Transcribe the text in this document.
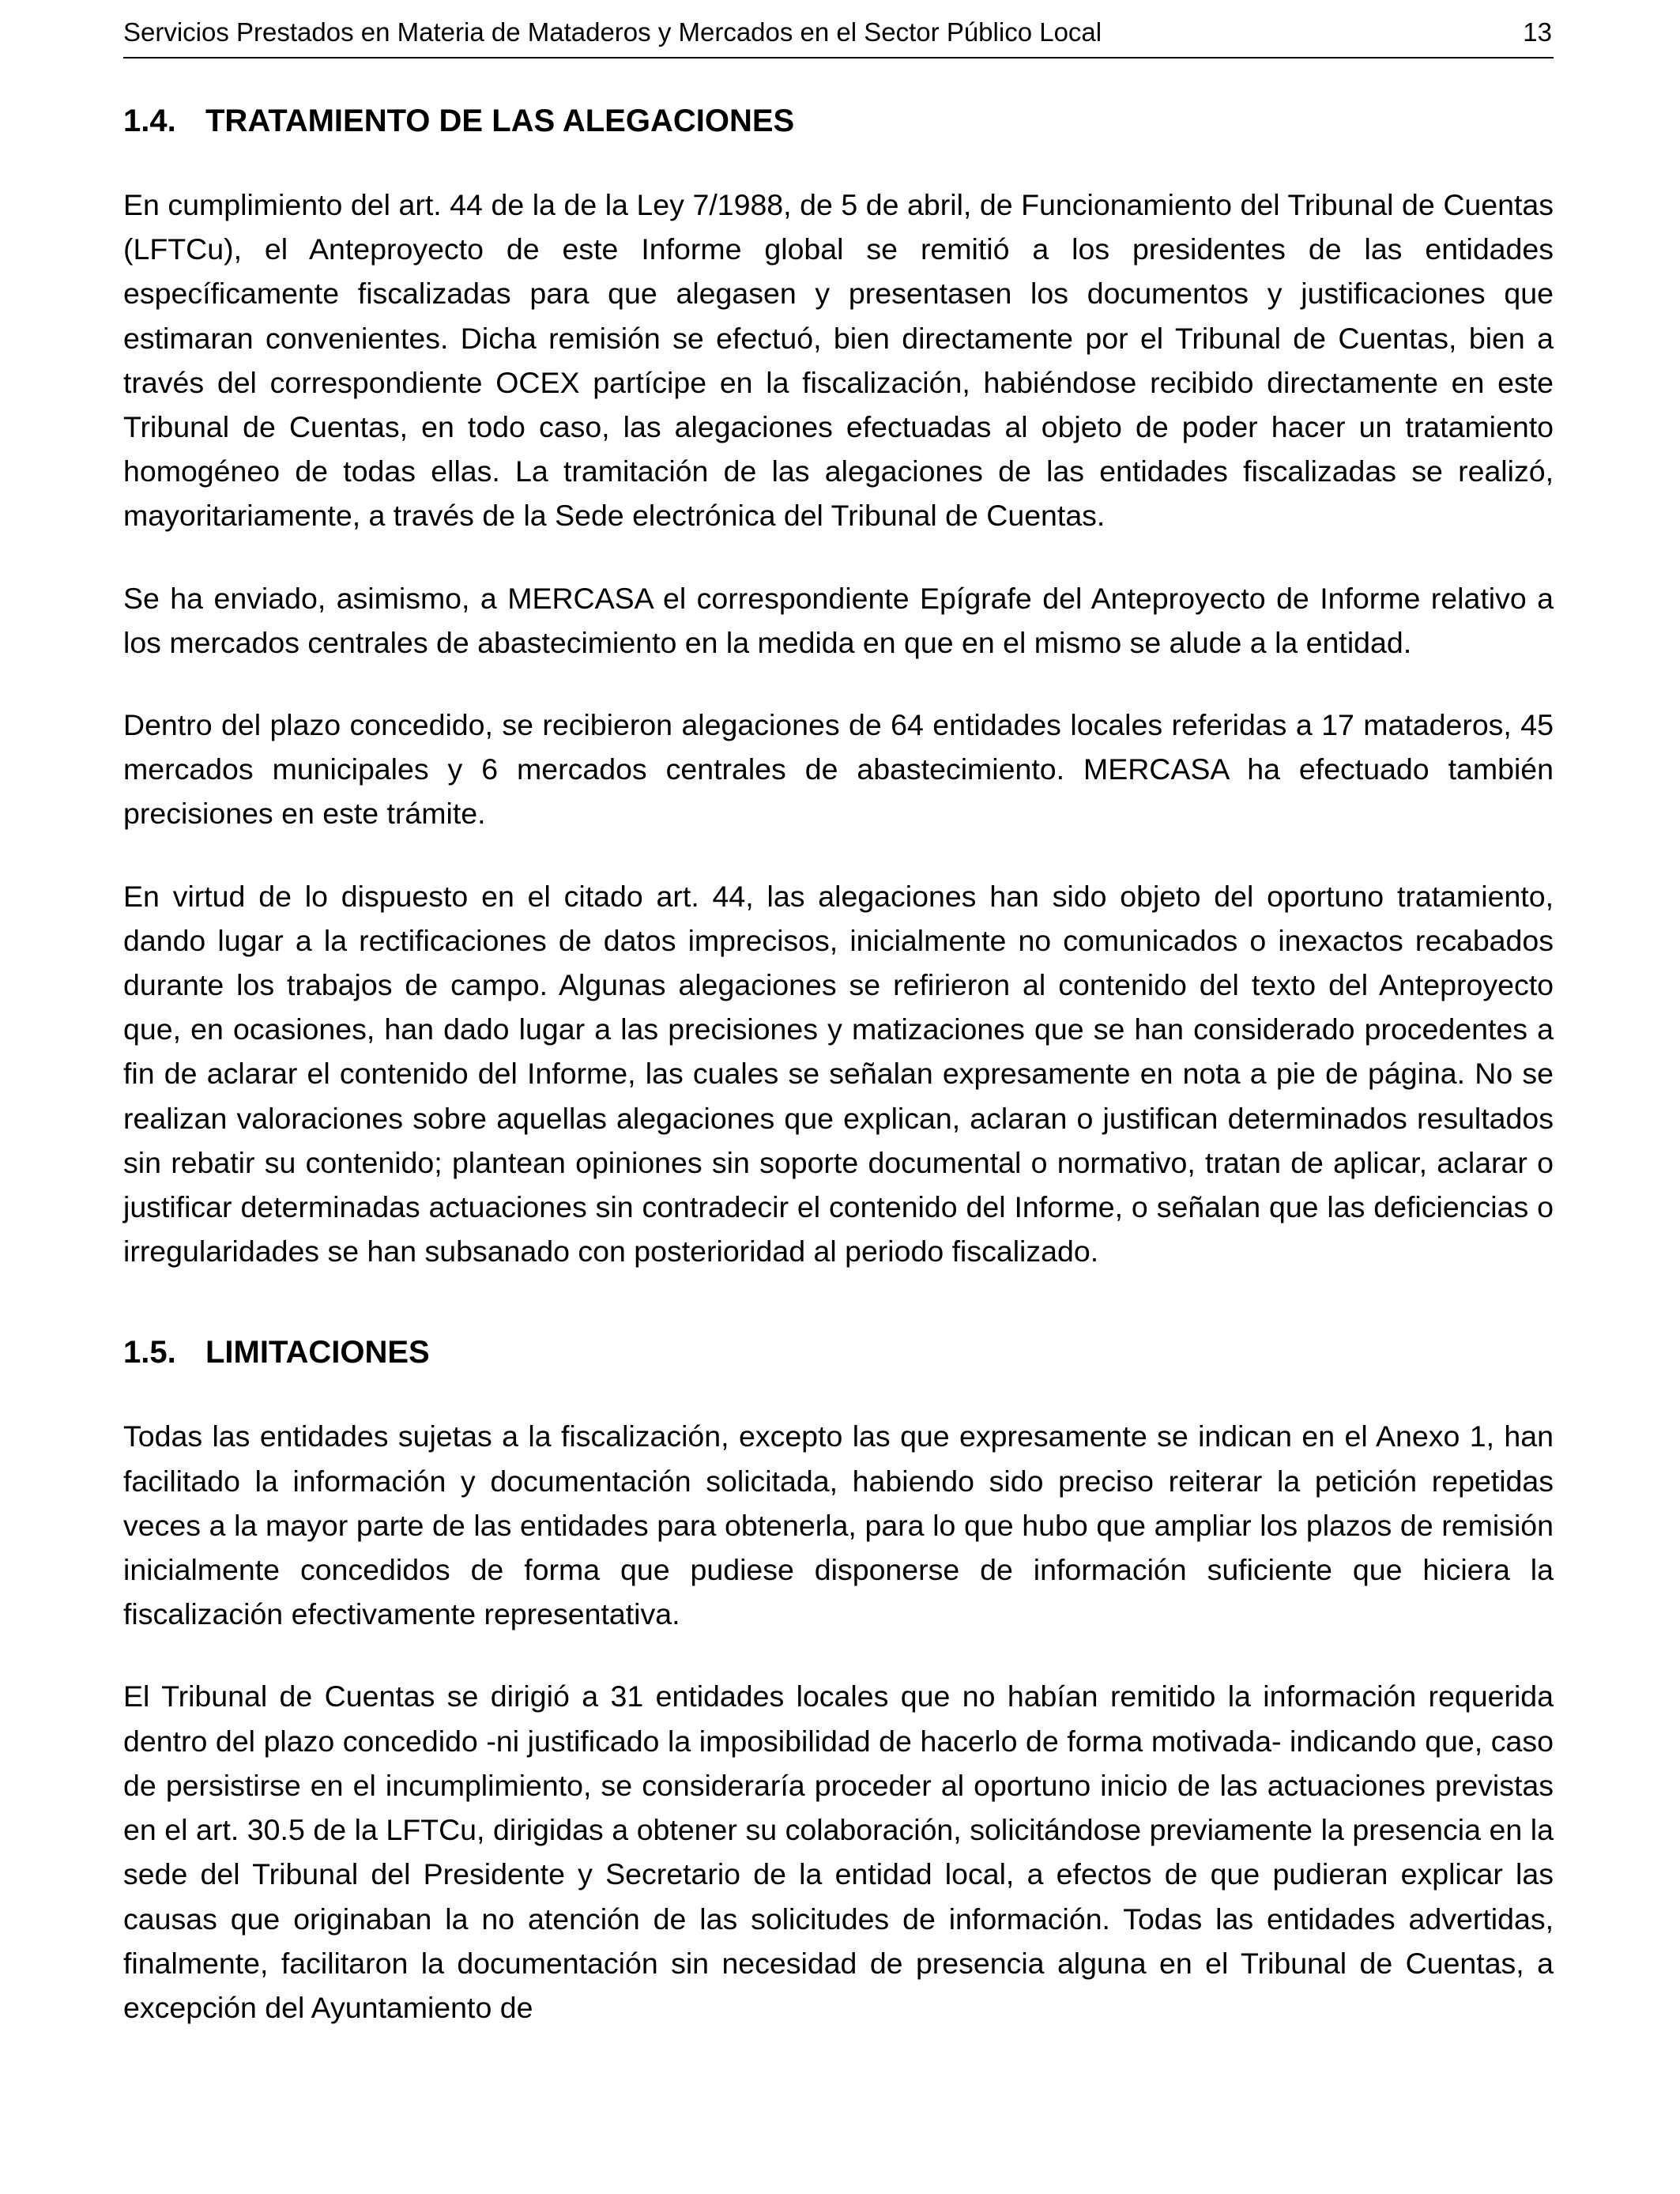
Servicios Prestados en Materia de Mataderos y Mercados en el Sector Público Local	13
1.4. TRATAMIENTO DE LAS ALEGACIONES

En cumplimiento del art. 44 de la de la Ley 7/1988, de 5 de abril, de Funcionamiento del Tribunal de Cuentas (LFTCu), el Anteproyecto de este Informe global se remitió a los presidentes de las entidades específicamente fiscalizadas para que alegasen y presentasen los documentos y justificaciones que estimaran convenientes. Dicha remisión se efectuó, bien directamente por el Tribunal de Cuentas, bien a través del correspondiente OCEX partícipe en la fiscalización, habiéndose recibido directamente en este Tribunal de Cuentas, en todo caso, las alegaciones efectuadas al objeto de poder hacer un tratamiento homogéneo de todas ellas. La tramitación de las alegaciones de las entidades fiscalizadas se realizó, mayoritariamente, a través de la Sede electrónica del Tribunal de Cuentas.

Se ha enviado, asimismo, a MERCASA el correspondiente Epígrafe del Anteproyecto de Informe relativo a los mercados centrales de abastecimiento en la medida en que en el mismo se alude a la entidad.

Dentro del plazo concedido, se recibieron alegaciones de 64 entidades locales referidas a 17 mataderos, 45 mercados municipales y 6 mercados centrales de abastecimiento. MERCASA ha efectuado también precisiones en este trámite.

En virtud de lo dispuesto en el citado art. 44, las alegaciones han sido objeto del oportuno tratamiento, dando lugar a la rectificaciones de datos imprecisos, inicialmente no comunicados o inexactos recabados durante los trabajos de campo. Algunas alegaciones se refirieron al contenido del texto del Anteproyecto que, en ocasiones, han dado lugar a las precisiones y matizaciones que se han considerado procedentes a fin de aclarar el contenido del Informe, las cuales se señalan expresamente en nota a pie de página. No se realizan valoraciones sobre aquellas alegaciones que explican, aclaran o justifican determinados resultados sin rebatir su contenido; plantean opiniones sin soporte documental o normativo, tratan de aplicar, aclarar o justificar determinadas actuaciones sin contradecir el contenido del Informe, o señalan que las deficiencias o irregularidades se han subsanado con posterioridad al periodo fiscalizado.

1.5. LIMITACIONES

Todas las entidades sujetas a la fiscalización, excepto las que expresamente se indican en el Anexo 1, han facilitado la información y documentación solicitada, habiendo sido preciso reiterar la petición repetidas veces a la mayor parte de las entidades para obtenerla, para lo que hubo que ampliar los plazos de remisión inicialmente concedidos de forma que pudiese disponerse de información suficiente que hiciera la fiscalización efectivamente representativa.

El Tribunal de Cuentas se dirigió a 31 entidades locales que no habían remitido la información requerida dentro del plazo concedido -ni justificado la imposibilidad de hacerlo de forma motivada- indicando que, caso de persistirse en el incumplimiento, se consideraría proceder al oportuno inicio de las actuaciones previstas en el art. 30.5 de la LFTCu, dirigidas a obtener su colaboración, solicitándose previamente la presencia en la sede del Tribunal del Presidente y Secretario de la entidad local, a efectos de que pudieran explicar las causas que originaban la no atención de las solicitudes de información. Todas las entidades advertidas, finalmente, facilitaron la documentación sin necesidad de presencia alguna en el Tribunal de Cuentas, a excepción del Ayuntamiento de
